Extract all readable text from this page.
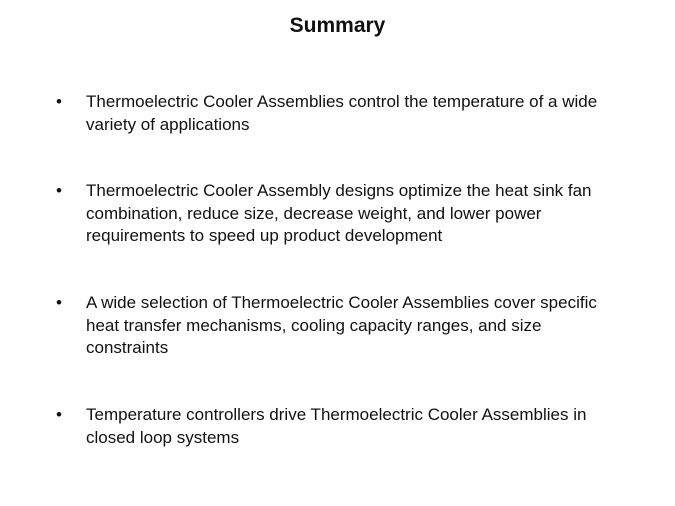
Summary
•	Thermoelectric Cooler Assemblies control the temperature of a wide variety of applications
•	Thermoelectric Cooler Assembly designs optimize the heat sink fan combination, reduce size, decrease weight, and lower power requirements to speed up product development
•	A wide selection of Thermoelectric Cooler Assemblies cover specific heat transfer mechanisms, cooling capacity ranges, and size constraints
•	Temperature controllers drive Thermoelectric Cooler Assemblies in closed loop systems
